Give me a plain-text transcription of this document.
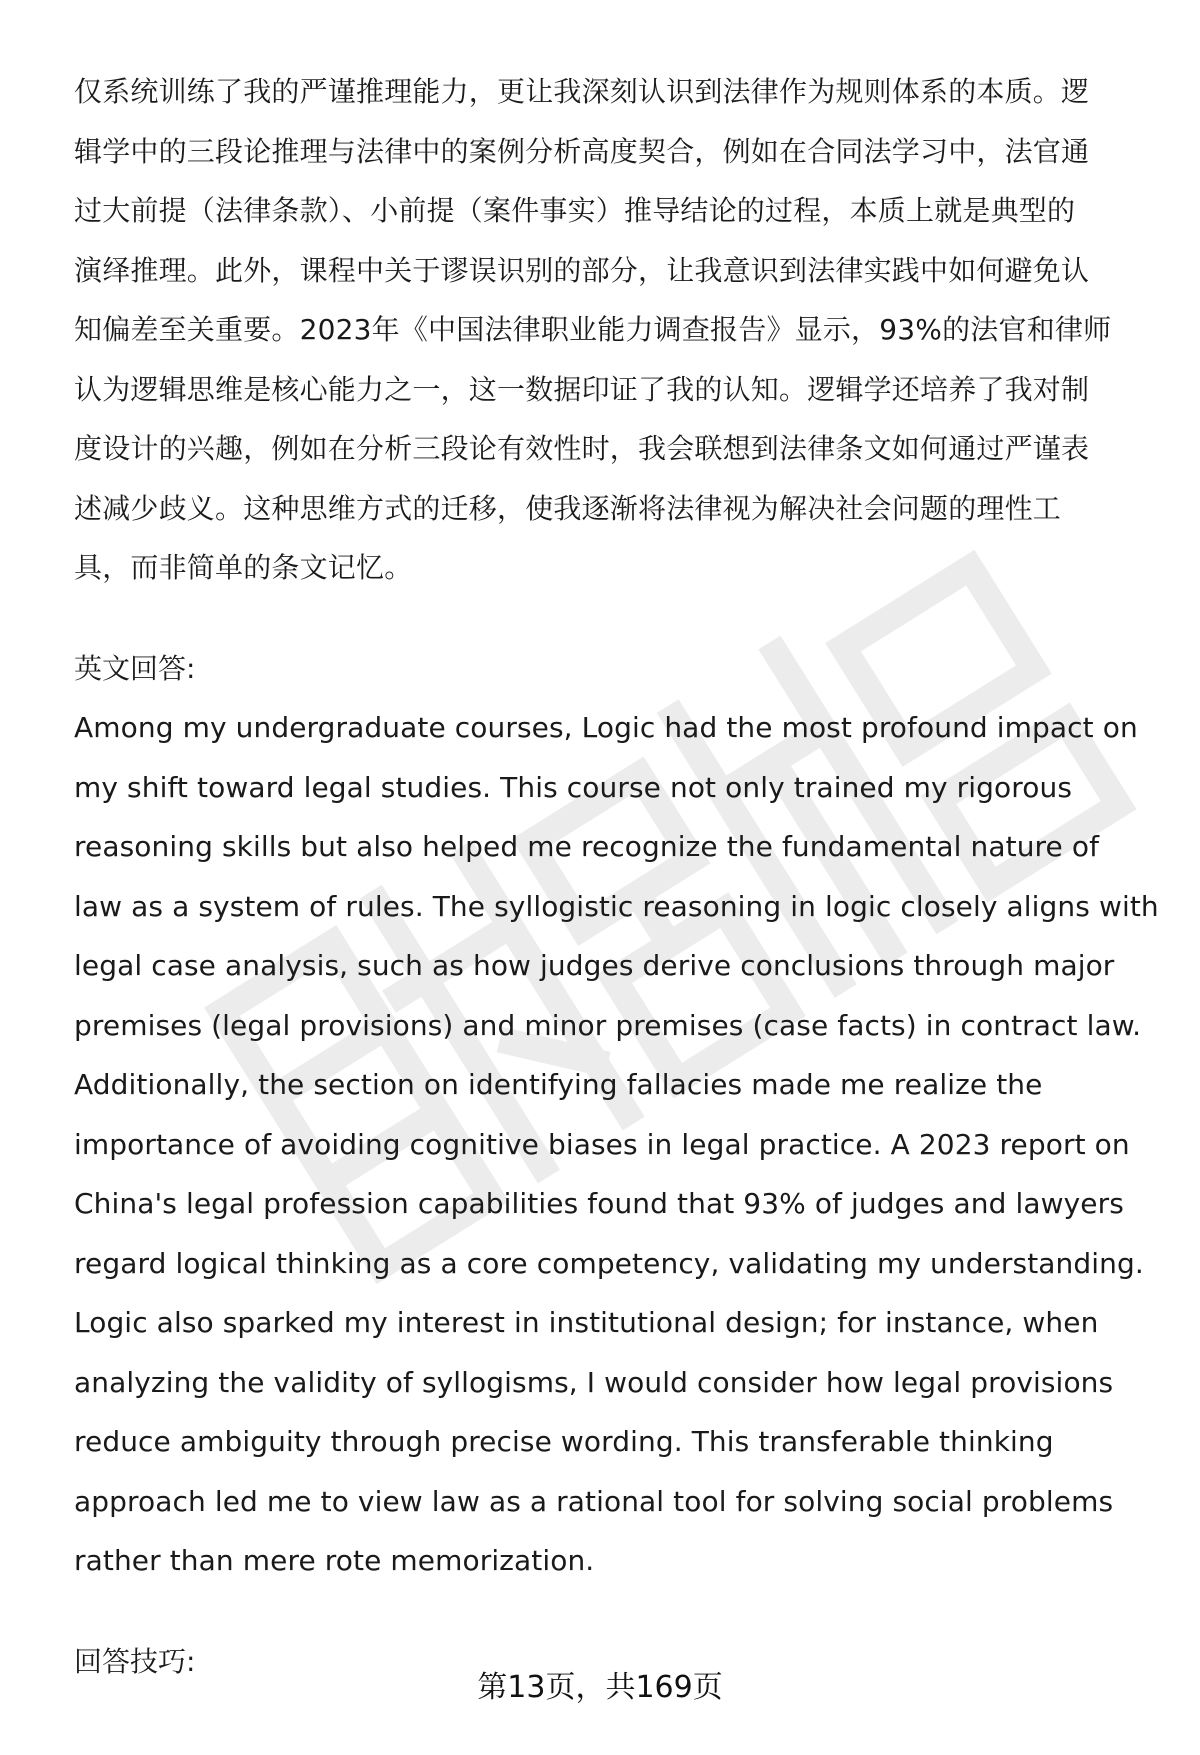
仅系统训练了我的严谨推理能力，更让我深刻认识到法律作为规则体系的本质。逻

辑学中的三段论推理与法律中的案例分析高度契合，例如在合同法学习中，法官通

过大前提（法律条款）、小前提（案件事实）推导结论的过程，本质上就是典型的

演绎推理。此外，课程中关于谬误识别的部分，让我意识到法律实践中如何避免认

知偏差至关重要。2023年《中国法律职业能力调查报告》显示，93%的法官和律师

认为逻辑思维是核心能力之一，这一数据印证了我的认知。逻辑学还培养了我对制

度设计的兴趣，例如在分析三段论有效性时，我会联想到法律条文如何通过严谨表

述减少歧义。这种思维方式的迁移，使我逐渐将法律视为解决社会问题的理性工

具，而非简单的条文记忆。

英文回答:

Among my undergraduate courses, Logic had the most profound impact on

my shift toward legal studies. This course not only trained my rigorous

reasoning skills but also helped me recognize the fundamental nature of

law as a system of rules. The syllogistic reasoning in logic closely aligns with

legal case analysis, such as how judges derive conclusions through major

premises (legal provisions) and minor premises (case facts) in contract law.

Additionally, the section on identifying fallacies made me realize the

importance of avoiding cognitive biases in legal practice. A 2023 report on

China's legal profession capabilities found that 93% of judges and lawyers

regard logical thinking as a core competency, validating my understanding.

Logic also sparked my interest in institutional design; for instance, when

analyzing the validity of syllogisms, I would consider how legal provisions

reduce ambiguity through precise wording. This transferable thinking

approach led me to view law as a rational tool for solving social problems

rather than mere rote memorization.

回答技巧:

第13页，共169页
